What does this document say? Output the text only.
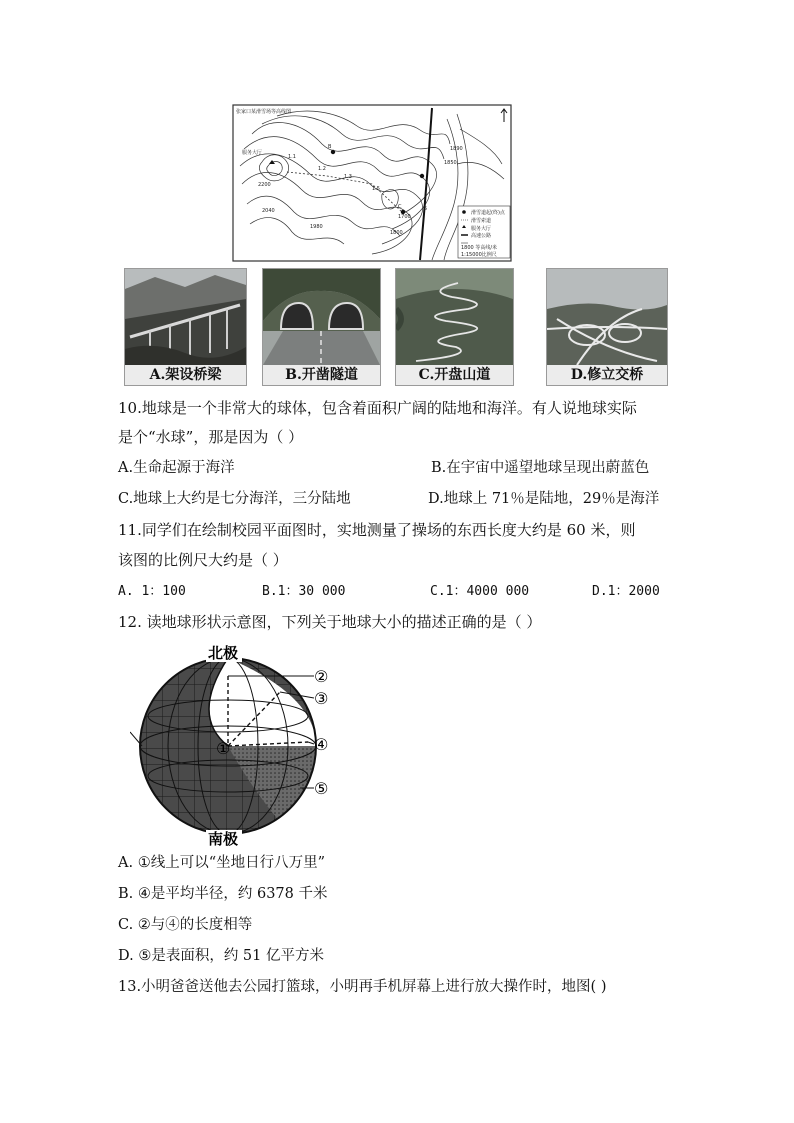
张家口某滑雪场等高线图
服务大厅
2200
B
C
2040
1980
1890
1850
1800
1700
1.1
1.2
1.3
1.5
5
滑雪道起(终)点
滑雪索道
服务大厅
高速公路
1800 等高线/米
1:15000比例尺
A.架设桥梁	B.开凿隧道	C.开盘山道	D.修立交桥
10.地球是一个非常大的球体，包含着面积广阔的陆地和海洋。有人说地球实际
是个“水球”，那是因为（ ）
A.生命起源于海洋	B.在宇宙中遥望地球呈现出蔚蓝色
C.地球上大约是七分海洋，三分陆地	D.地球上 71％是陆地，29％是海洋
11.同学们在绘制校园平面图时，实地测量了操场的东西长度大约是 60 米，则
该图的比例尺大约是（ ）
A. 1：100	B.1：30 000	C.1：4000 000	D.1：2000
12. 读地球形状示意图，下列关于地球大小的描述正确的是（ ）
北极
南极
①
②
③
④
⑤
A. ①线上可以“坐地日行八万里”
B. ④是平均半径，约 6378 千米
C. ②与④的长度相等
D. ⑤是表面积，约 51 亿平方米
13.小明爸爸送他去公园打篮球，小明再手机屏幕上进行放大操作时，地图( )
